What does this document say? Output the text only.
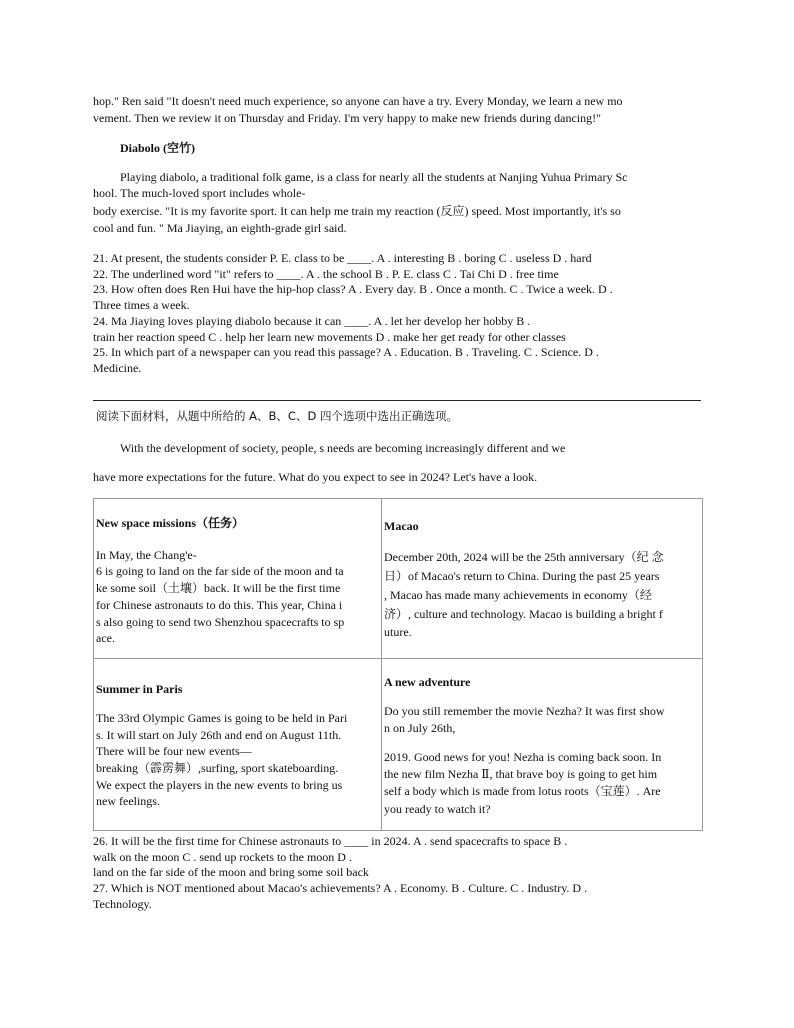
hop." Ren said "It doesn't need much experience, so anyone can have a try. Every Monday, we learn a new mo
vement. Then we review it on Thursday and Friday. I'm very happy to make new friends during dancing!"
Diabolo (空竹)
Playing diabolo, a traditional folk game, is a class for nearly all the students at Nanjing Yuhua Primary Sc
hool. The much-loved sport includes whole-
body exercise. "It is my favorite sport. It can help me train my reaction (反应) speed. Most importantly, it's so
cool and fun. " Ma Jiaying, an eighth-grade girl said.
21. At present, the students consider P. E. class to be ____. A . interesting B . boring C . useless D . hard
22. The underlined word "it" refers to ____. A . the school B . P. E. class C . Tai Chi D . free time
23. How often does Ren Hui have the hip-hop class? A . Every day. B . Once a month. C . Twice a week. D .
Three times a week.
24. Ma Jiaying loves playing diabolo because it can ____. A . let her develop her hobby B .
train her reaction speed C . help her learn new movements D . make her get ready for other classes
25. In which part of a newspaper can you read this passage? A . Education. B . Traveling. C . Science. D .
Medicine.
阅读下面材料，从题中所给的 A、B、C、D 四个选项中选出正确选项。
With the development of society, people, s needs are becoming increasingly different and we
have more expectations for the future. What do you expect to see in 2024? Let's have a look.
New space missions（任务）
In May, the Chang'e-
6 is going to land on the far side of the moon and ta
ke some soil（土壤）back. It will be the first time
for Chinese astronauts to do this. This year, China i
s also going to send two Shenzhou spacecrafts to sp
ace.
Macao
December 20th, 2024 will be the 25th anniversary（纪 念
日）of Macao's return to China. During the past 25 years
, Macao has made many achievements in economy（经
济）, culture and technology. Macao is building a bright f
uture.
Summer in Paris
The 33rd Olympic Games is going to be held in Pari
s. It will start on July 26th and end on August 11th.
There will be four new events—
breaking（霹雳舞）,surfing, sport skateboarding.
We expect the players in the new events to bring us
new feelings.
A new adventure
Do you still remember the movie Nezha? It was first show
n on July 26th,
2019. Good news for you! Nezha is coming back soon. In
the new film Nezha Ⅱ, that brave boy is going to get him
self a body which is made from lotus roots（宝莲）. Are
you ready to watch it?
26. It will be the first time for Chinese astronauts to ____ in 2024. A . send spacecrafts to space B .
walk on the moon C . send up rockets to the moon D .
land on the far side of the moon and bring some soil back
27. Which is NOT mentioned about Macao's achievements? A . Economy. B . Culture. C . Industry. D .
Technology.
